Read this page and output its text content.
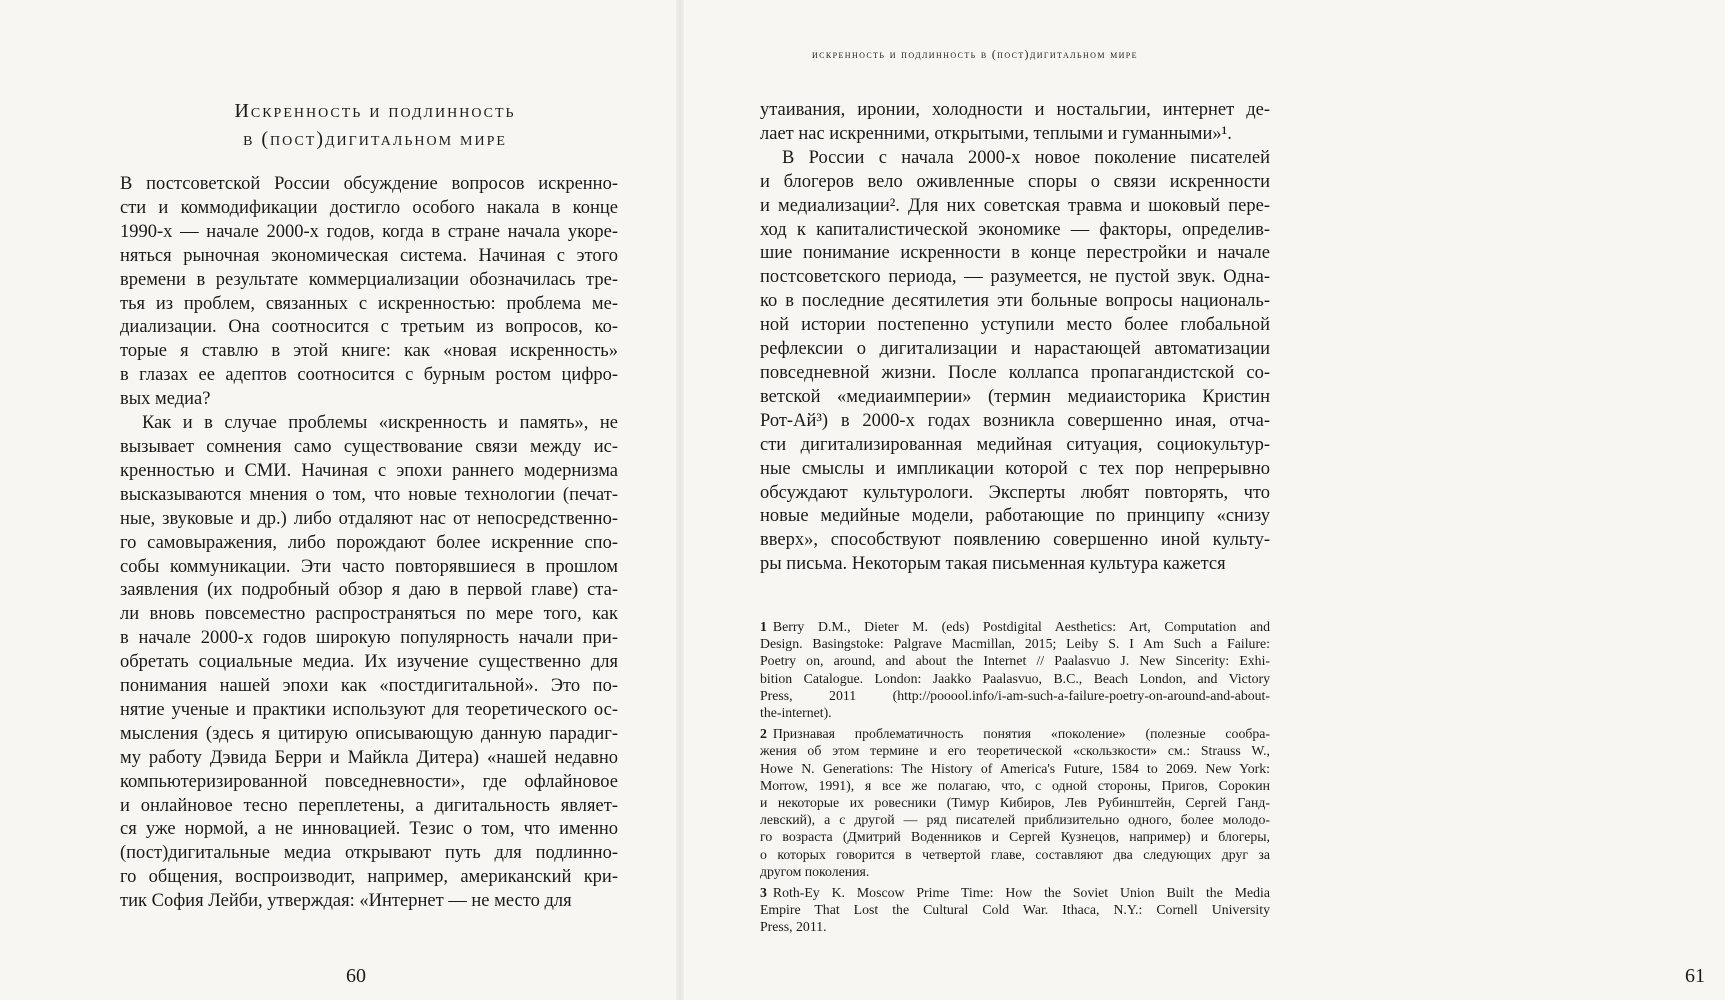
Искренность и подлинность
в (пост)дигитальном мире
В постсоветской России обсуждение вопросов искренно-
сти и коммодификации достигло особого накала в конце
1990-х — начале 2000-х годов, когда в стране начала укоре-
няться рыночная экономическая система. Начиная с этого
времени в результате коммерциализации обозначилась тре-
тья из проблем, связанных с искренностью: проблема ме-
диализации. Она соотносится с третьим из вопросов, ко-
торые я ставлю в этой книге: как «новая искренность»
в глазах ее адептов соотносится с бурным ростом цифро-
вых медиа?
Как и в случае проблемы «искренность и память», не
вызывает сомнения само существование связи между ис-
кренностью и СМИ. Начиная с эпохи раннего модернизма
высказываются мнения о том, что новые технологии (печат-
ные, звуковые и др.) либо отдаляют нас от непосредственно-
го самовыражения, либо порождают более искренние спо-
собы коммуникации. Эти часто повторявшиеся в прошлом
заявления (их подробный обзор я даю в первой главе) ста-
ли вновь повсеместно распространяться по мере того, как
в начале 2000-х годов широкую популярность начали при-
обретать социальные медиа. Их изучение существенно для
понимания нашей эпохи как «постдигитальной». Это по-
нятие ученые и практики используют для теоретического ос-
мысления (здесь я цитирую описывающую данную парадиг-
му работу Дэвида Берри и Майкла Дитера) «нашей недавно
компьютеризированной повседневности», где офлайновое
и онлайновое тесно переплетены, а дигитальность являет-
ся уже нормой, а не инновацией. Тезис о том, что именно
(пост)дигитальные медиа открывают путь для подлинно-
го общения, воспроизводит, например, американский кри-
тик София Лейби, утверждая: «Интернет — не место для
60	61
искренность и подлинность в (пост)дигитальном мире
утаивания, иронии, холодности и ностальгии, интернет де-
лает нас искренними, открытыми, теплыми и гуманными»¹.
В России с начала 2000-х новое поколение писателей
и блогеров вело оживленные споры о связи искренности
и медиализации². Для них советская травма и шоковый пере-
ход к капиталистической экономике — факторы, определив-
шие понимание искренности в конце перестройки и начале
постсоветского периода, — разумеется, не пустой звук. Одна-
ко в последние десятилетия эти больные вопросы националь-
ной истории постепенно уступили место более глобальной
рефлексии о дигитализации и нарастающей автоматизации
повседневной жизни. После коллапса пропагандистской со-
ветской «медиаимперии» (термин медиаисторика Кристин
Рот-Ай³) в 2000-х годах возникла совершенно иная, отча-
сти дигитализированная медийная ситуация, социокультур-
ные смыслы и импликации которой с тех пор непрерывно
обсуждают культурологи. Эксперты любят повторять, что
новые медийные модели, работающие по принципу «снизу
вверх», способствуют появлению совершенно иной культу-
ры письма. Некоторым такая письменная культура кажется
1 Berry D.M., Dieter M. (eds) Postdigital Aesthetics: Art, Computation and
Design. Basingstoke: Palgrave Macmillan, 2015; Leiby S. I Am Such a Failure:
Poetry on, around, and about the Internet // Paalasvuo J. New Sincerity: Exhi-
bition Catalogue. London: Jaakko Paalasvuo, B.C., Beach London, and Victory
Press, 2011 (http://pooool.info/i-am-such-a-failure-poetry-on-around-and-about-
the-internet).
2 Признавая проблематичность понятия «поколение» (полезные сообра-
жения об этом термине и его теоретической «скользкости» см.: Strauss W.,
Howe N. Generations: The History of America's Future, 1584 to 2069. New York:
Morrow, 1991), я все же полагаю, что, с одной стороны, Пригов, Сорокин
и некоторые их ровесники (Тимур Кибиров, Лев Рубинштейн, Сергей Ганд-
левский), а с другой — ряд писателей приблизительно одного, более молодо-
го возраста (Дмитрий Воденников и Сергей Кузнецов, например) и блогеры,
о которых говорится в четвертой главе, составляют два следующих друг за
другом поколения.
3 Roth-Ey K. Moscow Prime Time: How the Soviet Union Built the Media
Empire That Lost the Cultural Cold War. Ithaca, N.Y.: Cornell University
Press, 2011.
